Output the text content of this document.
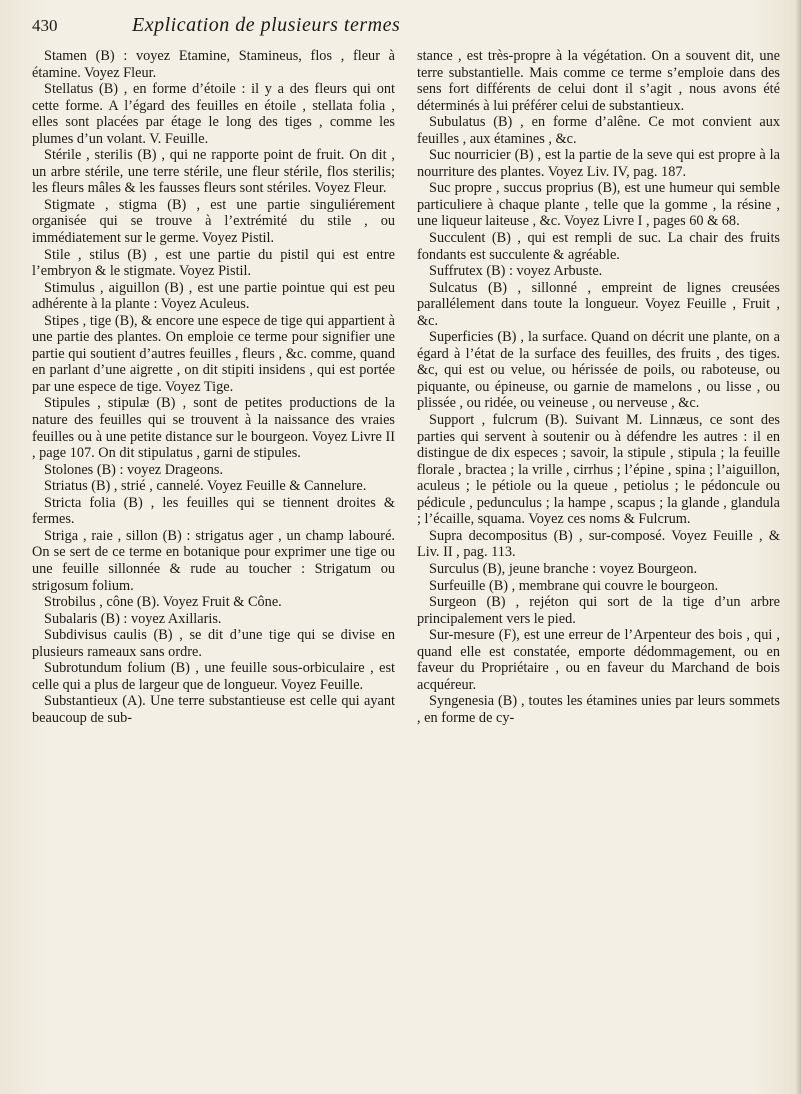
430	Explication de plusieurs termes

Stamen (B) : voyez Etamine, Stamineus, flos , fleur à étamine. Voyez Fleur.

Stellatus (B) , en forme d’étoile : il y a des fleurs qui ont cette forme. A l’égard des feuilles en étoile , stellata folia , elles sont placées par étage le long des tiges , comme les plumes d’un volant. V. Feuille.

Stérile , sterilis (B) , qui ne rapporte point de fruit. On dit , un arbre stérile, une terre stérile, une fleur stérile, flos sterilis; les fleurs mâles & les fausses fleurs sont stériles. Voyez Fleur.

Stigmate , stigma (B) , est une partie singuliérement organisée qui se trouve à l’extrémité du stile , ou immédiatement sur le germe. Voyez Pistil.

Stile , stilus (B) , est une partie du pistil qui est entre l’embryon & le stigmate. Voyez Pistil.

Stimulus , aiguillon (B) , est une partie pointue qui est peu adhérente à la plante : Voyez Aculeus.

Stipes , tige (B), & encore une espece de tige qui appartient à une partie des plantes. On emploie ce terme pour signifier une partie qui soutient d’autres feuilles , fleurs , &c. comme, quand en parlant d’une aigrette , on dit stipiti insidens , qui est portée par une espece de tige. Voyez Tige.

Stipules , stipulæ (B) , sont de petites productions de la nature des feuilles qui se trouvent à la naissance des vraies feuilles ou à une petite distance sur le bourgeon. Voyez Livre II , page 107. On dit stipulatus , garni de stipules.

Stolones (B) : voyez Drageons.

Striatus (B) , strié , cannelé. Voyez Feuille & Cannelure.

Stricta folia (B) , les feuilles qui se tiennent droites & fermes.

Striga , raie , sillon (B) : strigatus ager , un champ labouré. On se sert de ce terme en botanique pour exprimer une tige ou une feuille sillonnée & rude au toucher : Strigatum ou strigosum folium.

Strobilus , cône (B). Voyez Fruit & Cône.

Subalaris (B) : voyez Axillaris.

Subdivisus caulis (B) , se dit d’une tige qui se divise en plusieurs rameaux sans ordre.

Subrotundum folium (B) , une feuille sous-orbiculaire , est celle qui a plus de largeur que de longueur. Voyez Feuille.

Substantieux (A). Une terre substantieuse est celle qui ayant beaucoup de sub-

stance , est très-propre à la végétation. On a souvent dit, une terre substantielle. Mais comme ce terme s’emploie dans des sens fort différents de celui dont il s’agit , nous avons été déterminés à lui préférer celui de substantieux.

Subulatus (B) , en forme d’alêne. Ce mot convient aux feuilles , aux étamines , &c.

Suc nourricier (B) , est la partie de la seve qui est propre à la nourriture des plantes. Voyez Liv. IV, pag. 187.

Suc propre , succus proprius (B), est une humeur qui semble particuliere à chaque plante , telle que la gomme , la résine , une liqueur laiteuse , &c. Voyez Livre I , pages 60 & 68.

Succulent (B) , qui est rempli de suc. La chair des fruits fondants est succulente & agréable.

Suffrutex (B) : voyez Arbuste.

Sulcatus (B) , sillonné , empreint de lignes creusées parallélement dans toute la longueur. Voyez Feuille , Fruit , &c.

Superficies (B) , la surface. Quand on décrit une plante, on a égard à l’état de la surface des feuilles, des fruits , des tiges. &c, qui est ou velue, ou hérissée de poils, ou raboteuse, ou piquante, ou épineuse, ou garnie de mamelons , ou lisse , ou plissée , ou ridée, ou veineuse , ou nerveuse , &c.

Support , fulcrum (B). Suivant M. Linnæus, ce sont des parties qui servent à soutenir ou à défendre les autres : il en distingue de dix especes ; savoir, la stipule , stipula ; la feuille florale , bractea ; la vrille , cirrhus ; l’épine , spina ; l’aiguillon, aculeus ; le pétiole ou la queue , petiolus ; le pédoncule ou pédicule , pedunculus ; la hampe , scapus ; la glande , glandula ; l’écaille, squama. Voyez ces noms & Fulcrum.

Supra decompositus (B) , sur-composé. Voyez Feuille , & Liv. II , pag. 113.

Surculus (B), jeune branche : voyez Bourgeon.

Surfeuille (B) , membrane qui couvre le bourgeon.

Surgeon (B) , rejéton qui sort de la tige d’un arbre principalement vers le pied.

Sur-mesure (F), est une erreur de l’Arpenteur des bois , qui , quand elle est constatée, emporte dédommagement, ou en faveur du Propriétaire , ou en faveur du Marchand de bois acquéreur.

Syngenesia (B) , toutes les étamines unies par leurs sommets , en forme de cy-
